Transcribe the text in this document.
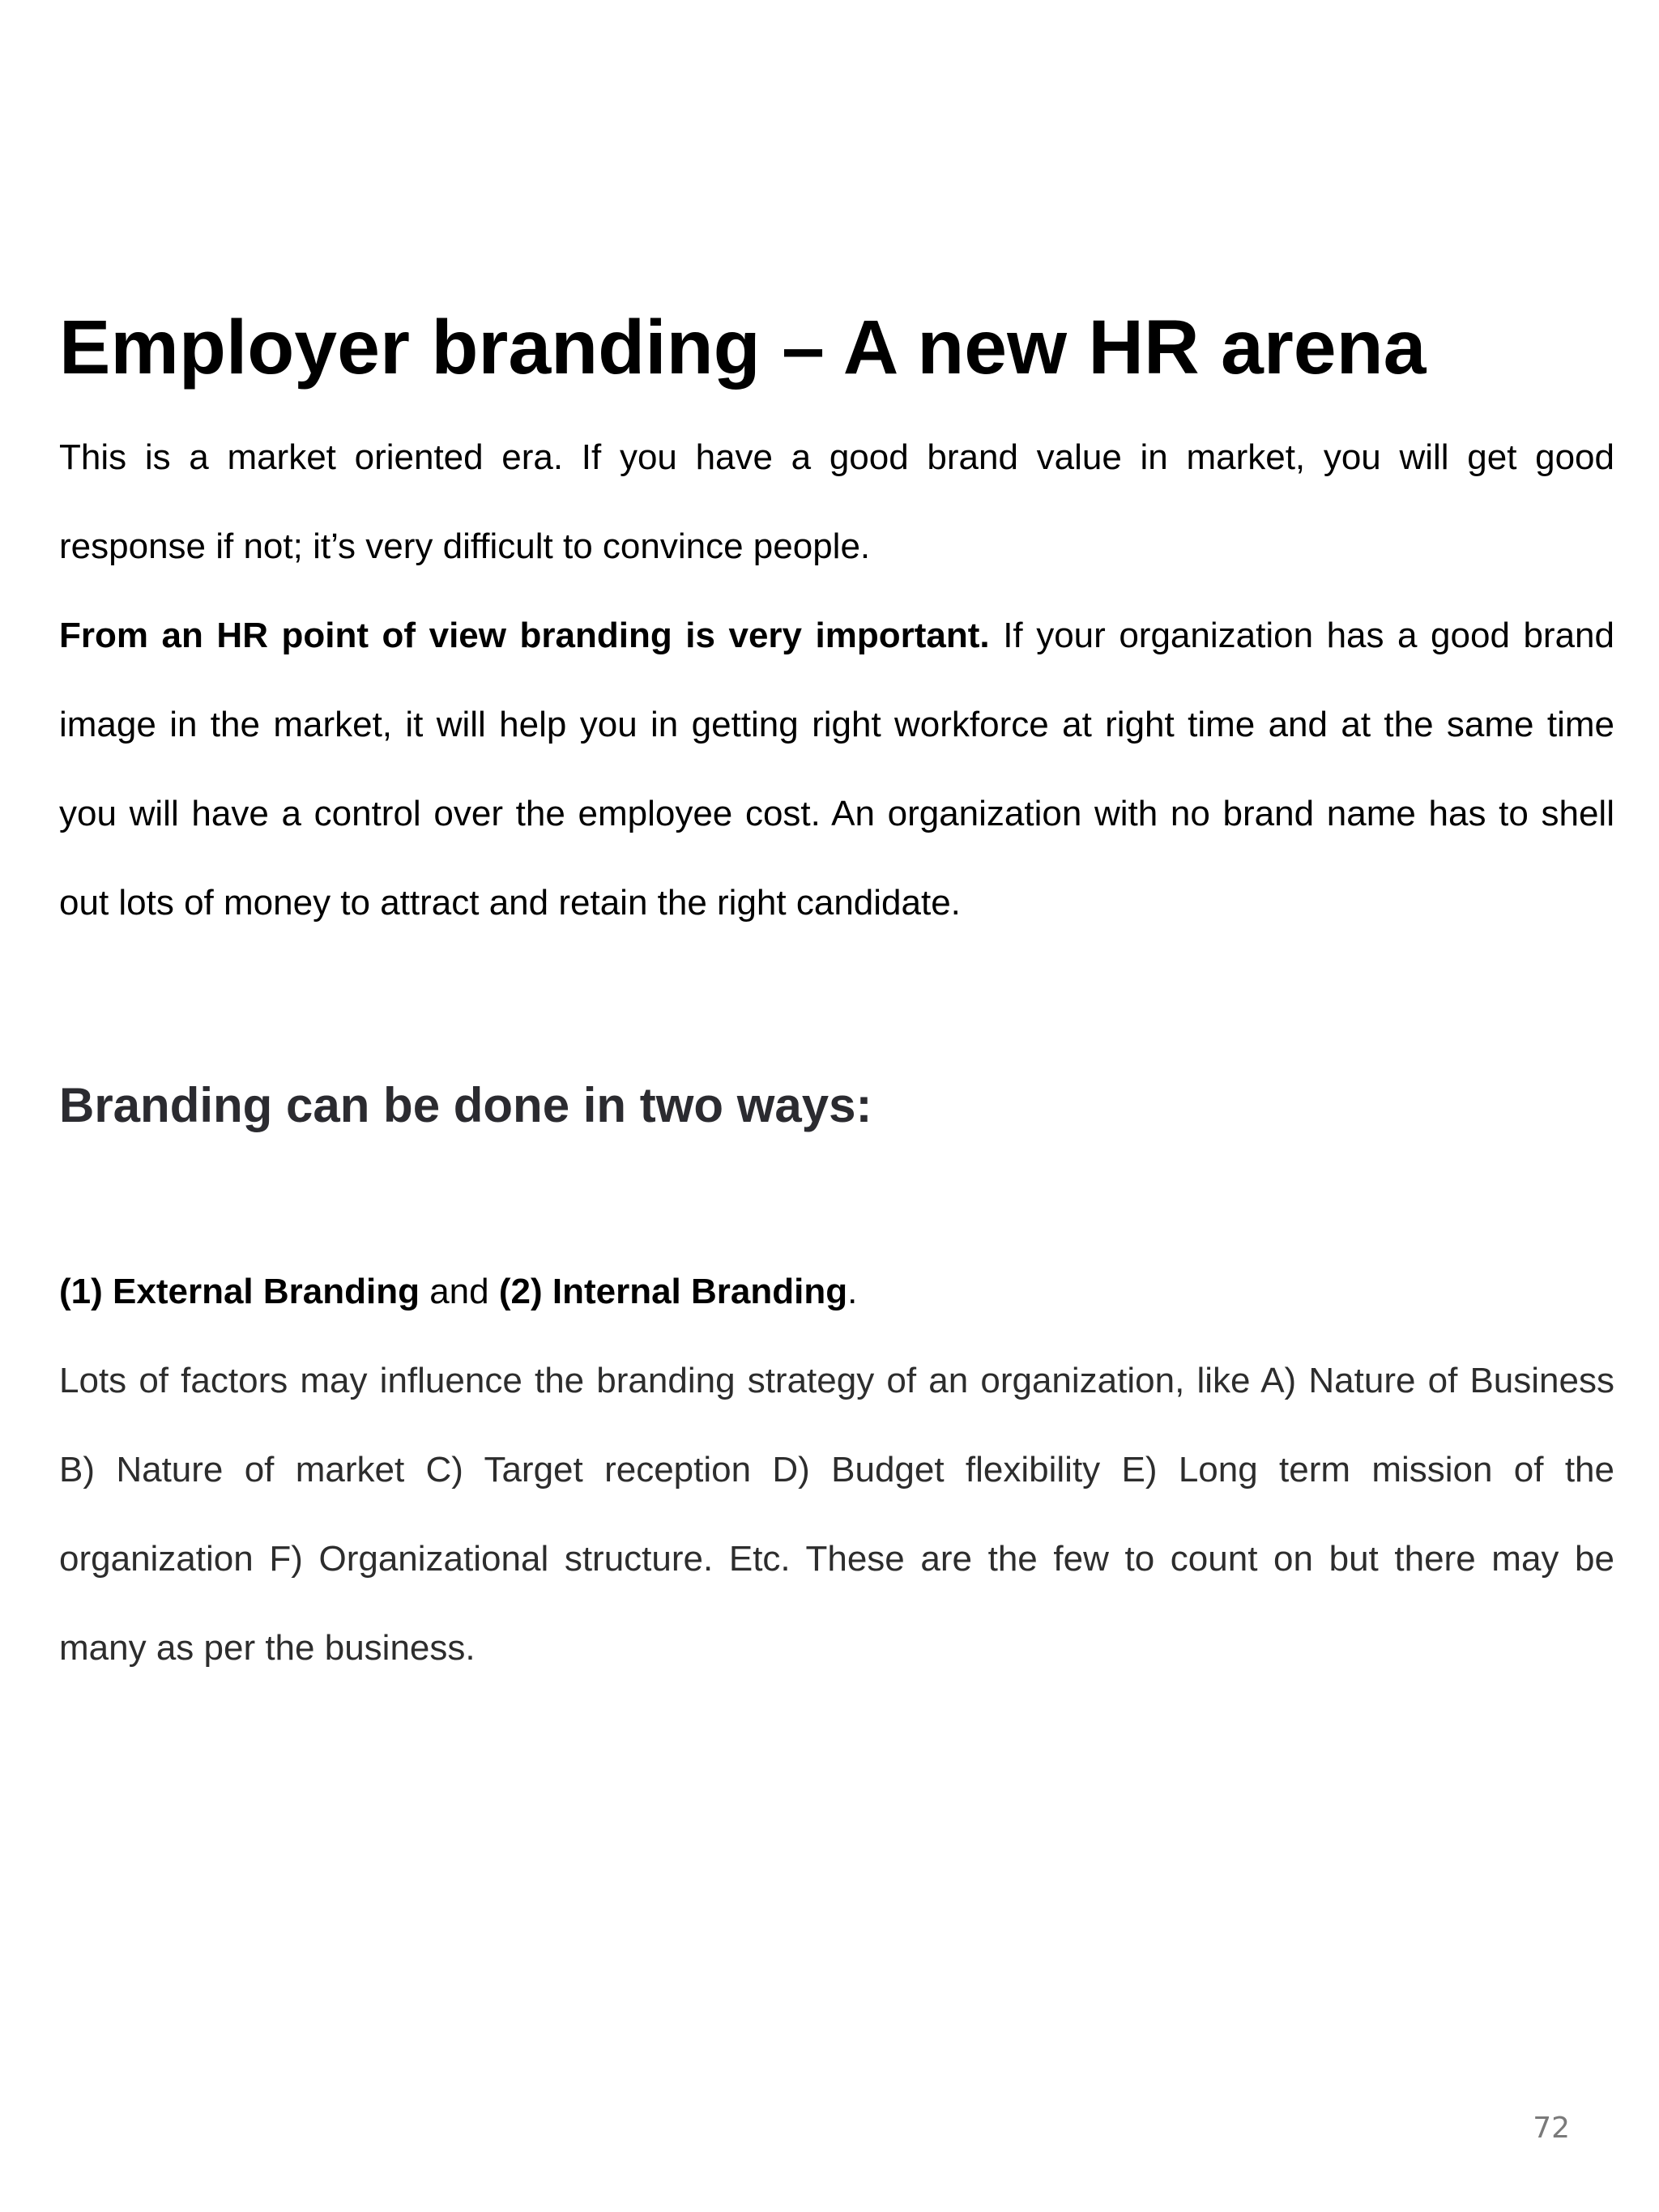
Employer branding – A new HR arena

This is a market oriented era. If you have a good brand value in market, you will get good response if not; it’s very difficult to convince people.

From an HR point of view branding is very important. If your organization has a good brand image in the market, it will help you in getting right workforce at right time and at the same time you will have a control over the employee cost. An organization with no brand name has to shell out lots of money to attract and retain the right candidate.

Branding can be done in two ways:

(1) External Branding and (2) Internal Branding.

Lots of factors may influence the branding strategy of an organization, like A) Nature of Business B) Nature of market C) Target reception D) Budget flexibility E) Long term mission of the organization F) Organizational structure. Etc. These are the few to count on but there may be many as per the business.

72
